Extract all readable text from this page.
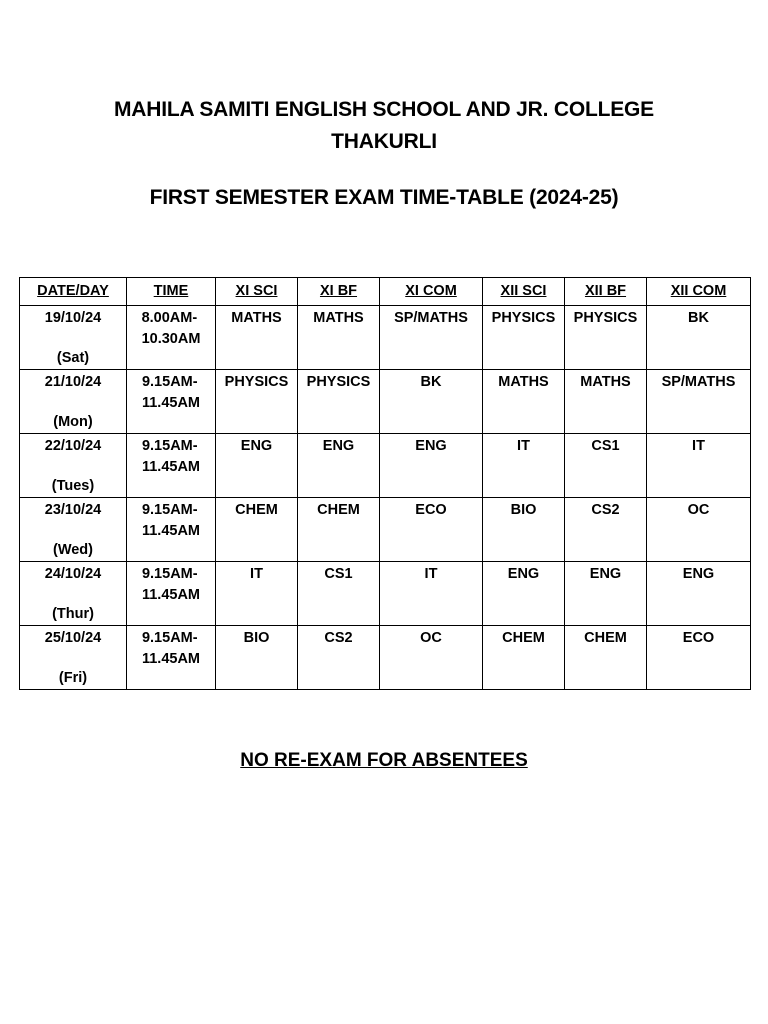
MAHILA SAMITI ENGLISH SCHOOL AND JR. COLLEGE

THAKURLI

FIRST SEMESTER EXAM TIME-TABLE (2024-25)

DATE/DAY	TIME	XI SCI	XI BF	XI COM	XII SCI	XII BF	XII COM

19/10/24
(Sat)	8.00AM-
10.30AM	MATHS	MATHS	SP/MATHS	PHYSICS	PHYSICS	BK

21/10/24
(Mon)	9.15AM-
11.45AM	PHYSICS	PHYSICS	BK	MATHS	MATHS	SP/MATHS

22/10/24
(Tues)	9.15AM-
11.45AM	ENG	ENG	ENG	IT	CS1	IT

23/10/24
(Wed)	9.15AM-
11.45AM	CHEM	CHEM	ECO	BIO	CS2	OC

24/10/24
(Thur)	9.15AM-
11.45AM	IT	CS1	IT	ENG	ENG	ENG

25/10/24
(Fri)	9.15AM-
11.45AM	BIO	CS2	OC	CHEM	CHEM	ECO
NO RE-EXAM FOR ABSENTEES
